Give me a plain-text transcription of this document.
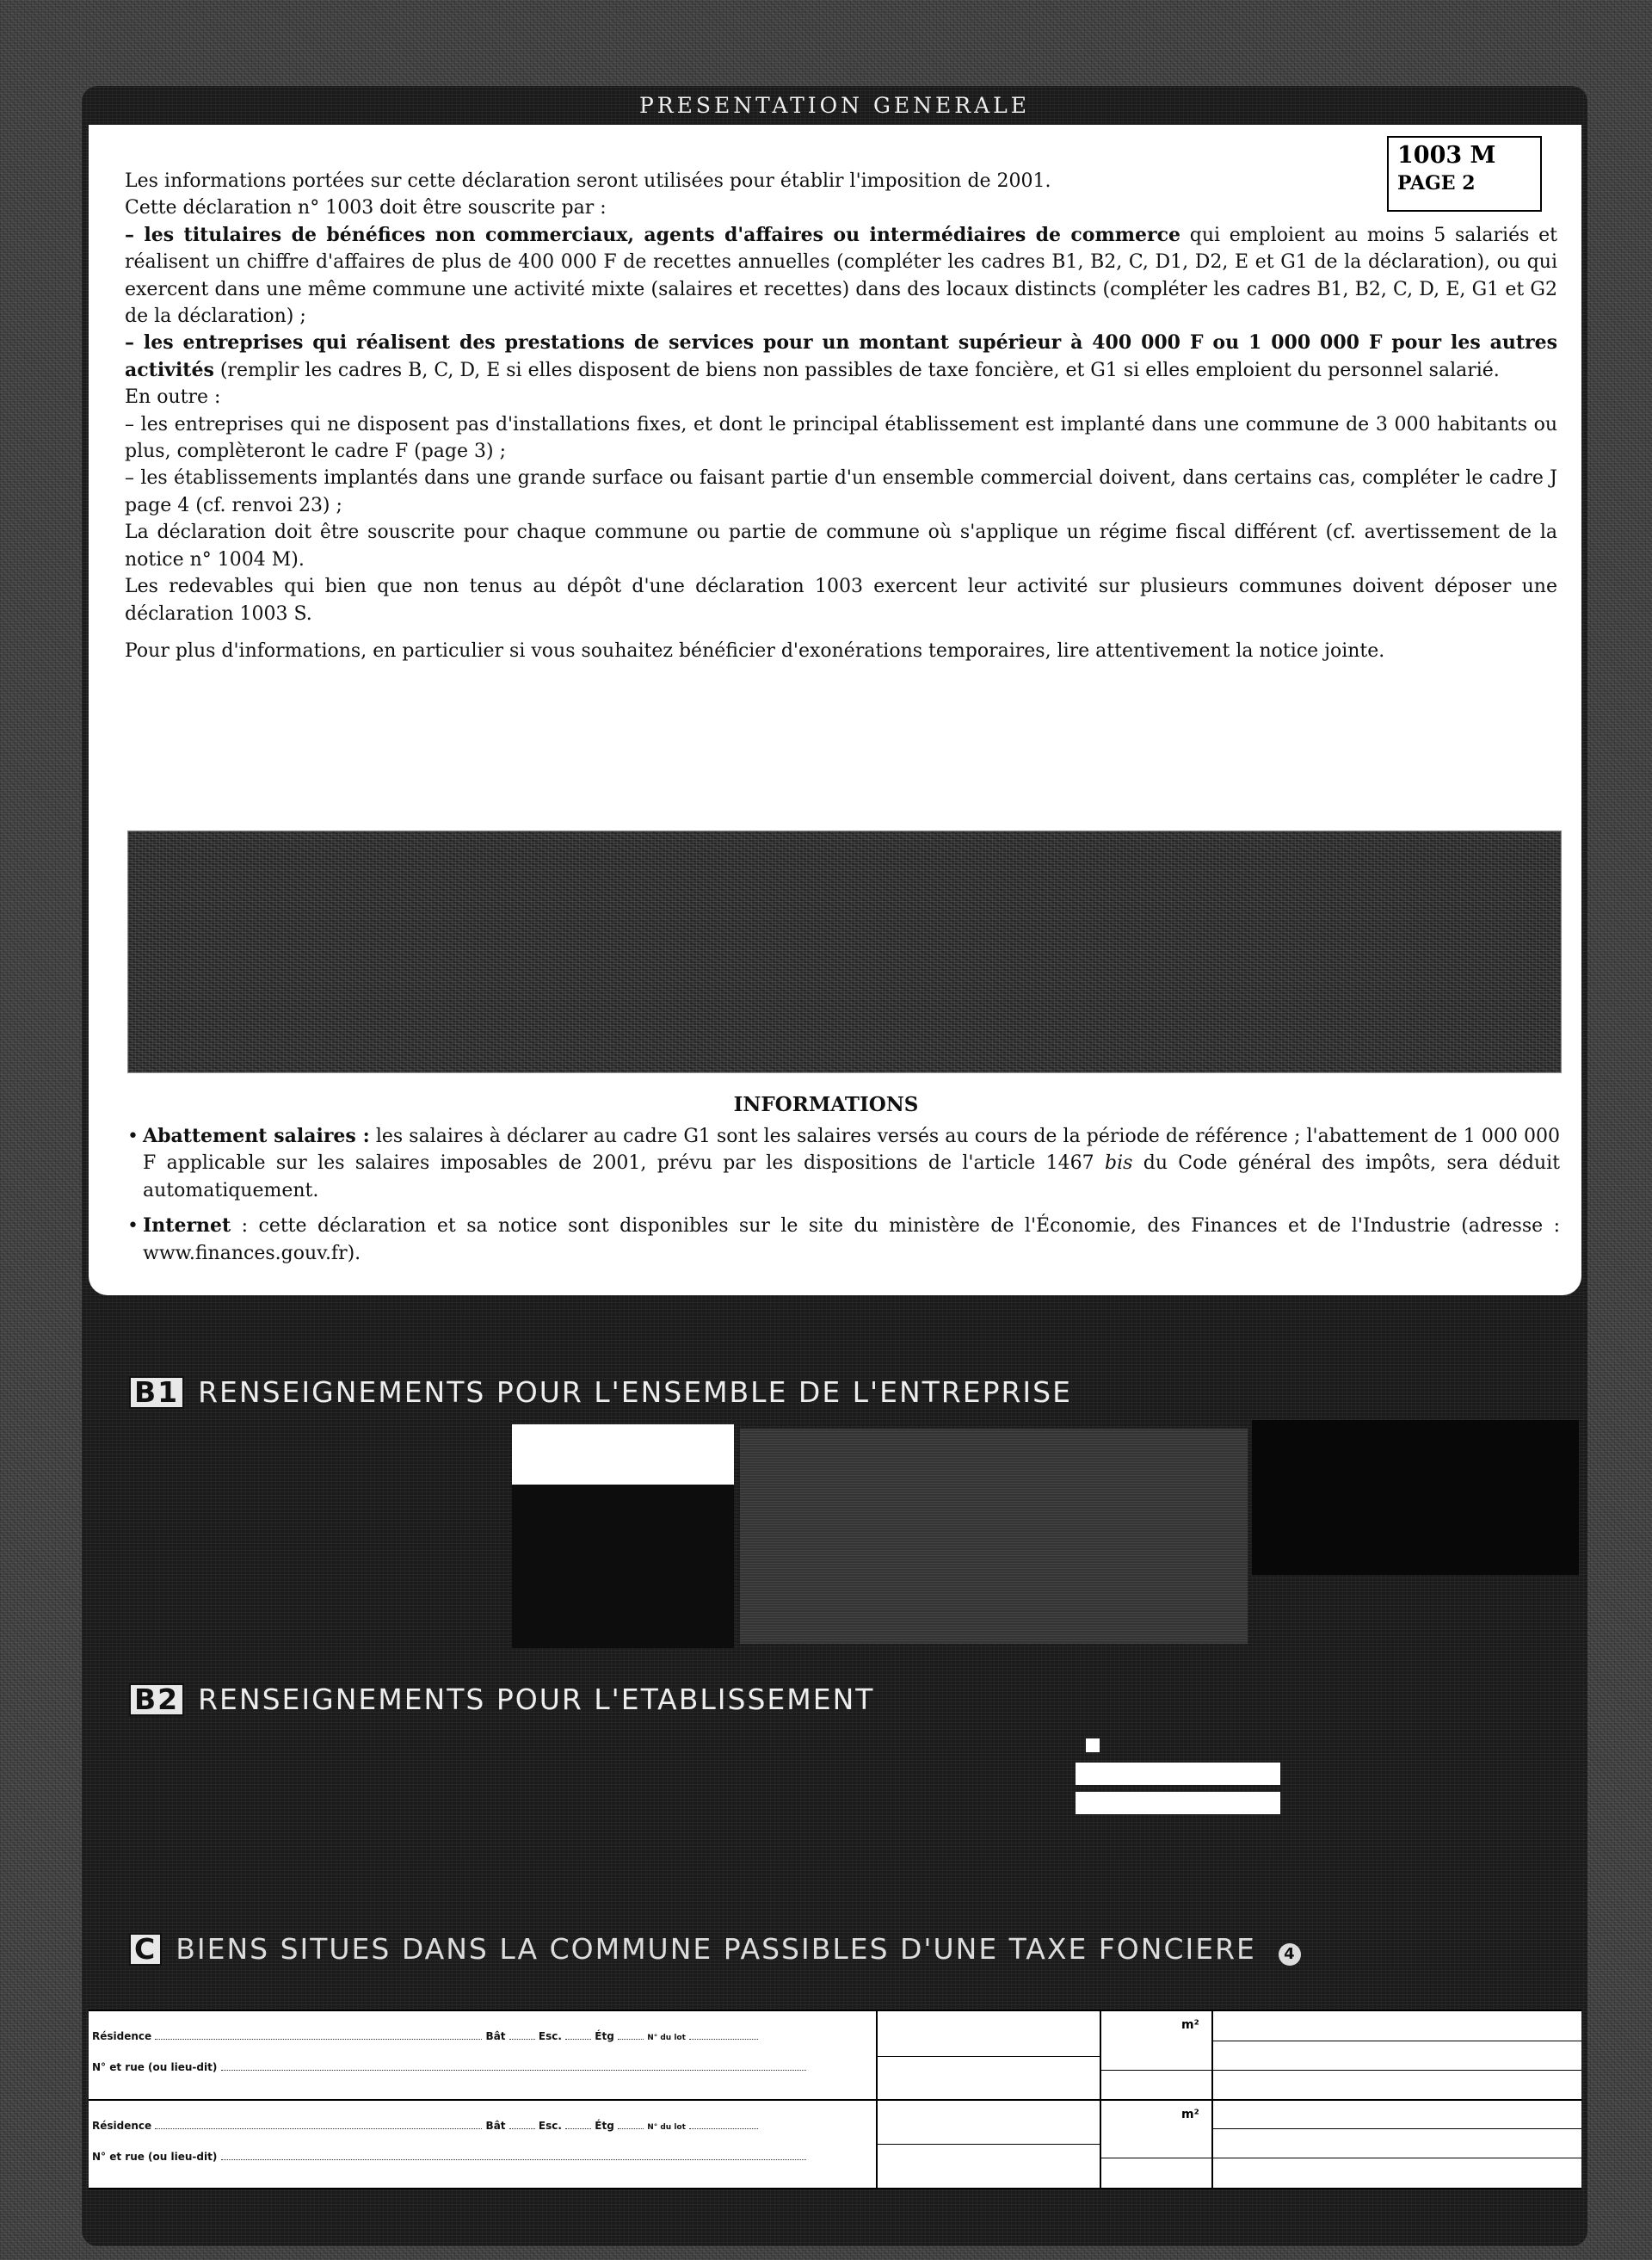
PRESENTATION GENERALE
1003 M
PAGE 2

Les informations portées sur cette déclaration seront utilisées pour établir l'imposition de 2001.

Cette déclaration n° 1003 doit être souscrite par :

– les titulaires de bénéfices non commerciaux, agents d'affaires ou intermédiaires de commerce qui emploient au moins 5 salariés et réalisent un chiffre d'affaires de plus de 400 000 F de recettes annuelles (compléter les cadres B1, B2, C, D1, D2, E et G1 de la déclaration), ou qui exercent dans une même commune une activité mixte (salaires et recettes) dans des locaux distincts (compléter les cadres B1, B2, C, D, E, G1 et G2 de la déclaration) ;

– les entreprises qui réalisent des prestations de services pour un montant supérieur à 400 000 F ou 1 000 000 F pour les autres activités (remplir les cadres B, C, D, E si elles disposent de biens non passibles de taxe foncière, et G1 si elles emploient du personnel salarié.

En outre :

– les entreprises qui ne disposent pas d'installations fixes, et dont le principal établissement est implanté dans une commune de 3 000 habitants ou plus, complèteront le cadre F (page 3) ;

– les établissements implantés dans une grande surface ou faisant partie d'un ensemble commercial doivent, dans certains cas, compléter le cadre J page 4 (cf. renvoi 23) ;

La déclaration doit être souscrite pour chaque commune ou partie de commune où s'applique un régime fiscal différent (cf. avertissement de la notice n° 1004 M).

Les redevables qui bien que non tenus au dépôt d'une déclaration 1003 exercent leur activité sur plusieurs communes doivent déposer une déclaration 1003 S.

Pour plus d'informations, en particulier si vous souhaitez bénéficier d'exonérations temporaires, lire attentivement la notice jointe.

INFORMATIONS
• Abattement salaires : les salaires à déclarer au cadre G1 sont les salaires versés au cours de la période de référence ; l'abattement de 1 000 000 F applicable sur les salaires imposables de 2001, prévu par les dispositions de l'article 1467 bis du Code général des impôts, sera déduit automatiquement.
• Internet : cette déclaration et sa notice sont disponibles sur le site du ministère de l'Économie, des Finances et de l'Industrie (adresse : www.finances.gouv.fr).
B1 RENSEIGNEMENTS POUR L'ENSEMBLE DE L'ENTREPRISE
B2 RENSEIGNEMENTS POUR L'ETABLISSEMENT
C BIENS SITUES DANS LA COMMUNE PASSIBLES D'UNE TAXE FONCIERE 4
Résidence	Bât	Esc.	Étg	N° du lot
N° et rue (ou lieu-dit)
m²
Résidence	Bât	Esc.	Étg	N° du lot
N° et rue (ou lieu-dit)
m²
